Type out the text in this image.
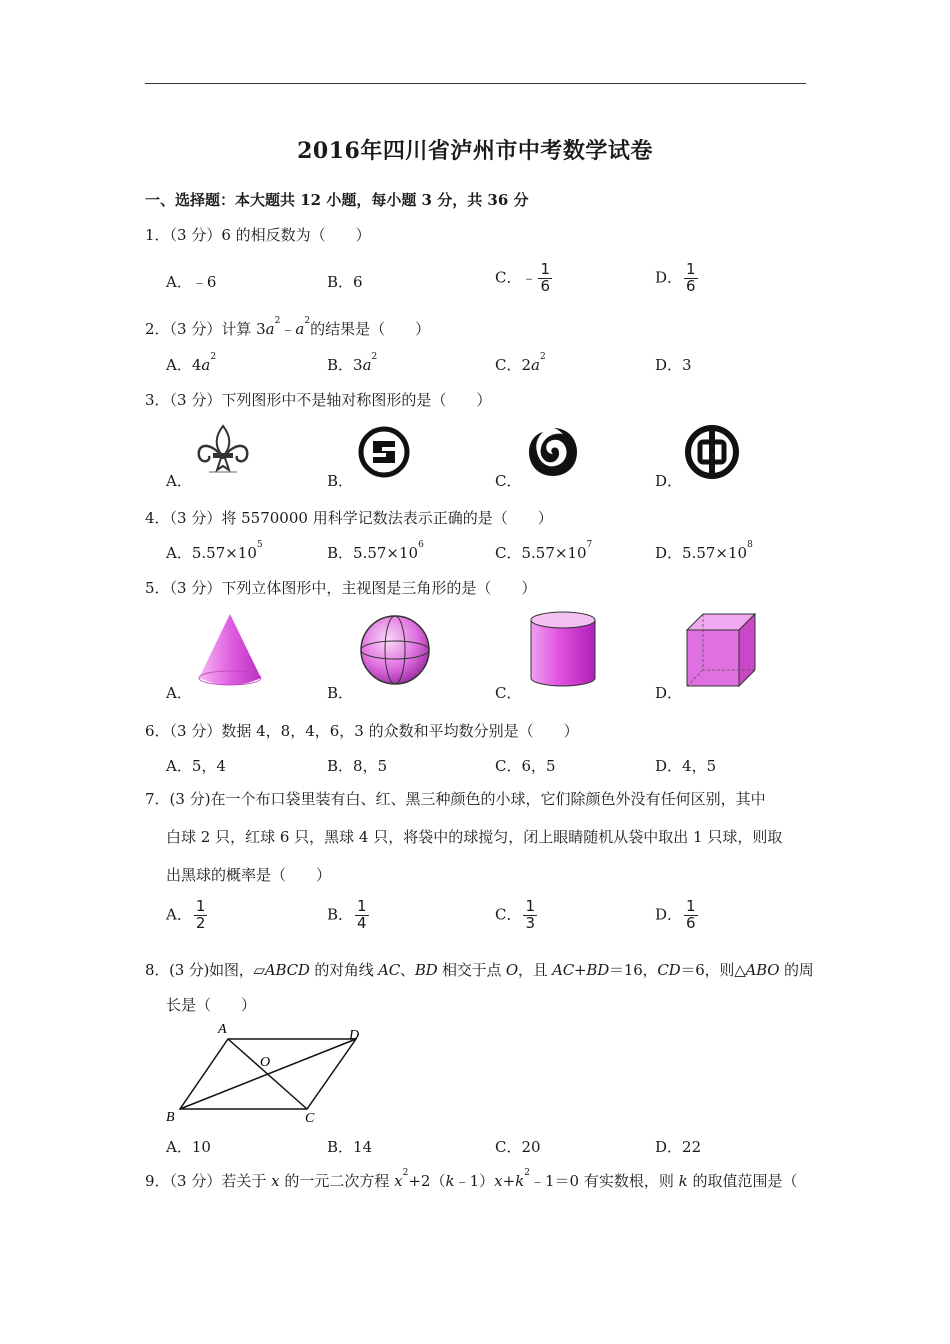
2016年四川省泸州市中考数学试卷
一、选择题：本大题共 12 小题，每小题 3 分，共 36 分
1．（3 分）6 的相反数为（　　）
A．﹣6	B．6	C．﹣ $\frac{1}{6}$	D． $\frac{1}{6}$
2．（3 分）计算 $3a^2﹣a^2$的结果是（　　）
A．$4a^2$	B．$3a^2$	C．$2a^2$	D．3
3．（3 分）下列图形中不是轴对称图形的是（　　）
A．	B．	C．	D．
Ⓢ	中
4．（3 分）将 5570000 用科学记数法表示正确的是（　　）
A．$5.57\times 10^5$	B．$5.57\times 10^6$	C．$5.57\times 10^7$	D．$5.57\times 10^8$
5．（3 分）下列立体图形中，主视图是三角形的是（　　）
A．	B．	C．	D．
6．（3 分）数据 4，8，4，6，3 的众数和平均数分别是（　　）
A．5，4	B．8，5	C．6，5	D．4，5
7．(3 分)在一个布口袋里装有白、红、黑三种颜色的小球，它们除颜色外没有任何区别，其中
白球 2 只，红球 6 只，黑球 4 只，将袋中的球搅匀，闭上眼睛随机从袋中取出 1 只球，则取
出黑球的概率是（　　）
A． $\frac{1}{2}$	B． $\frac{1}{4}$	C． $\frac{1}{3}$	D． $\frac{1}{6}$
8．(3 分)如图，▱ABCD 的对角线 AC、BD 相交于点 O，且 AC+BD＝16，CD＝6，则△ABO 的周
长是（　　）
A	D
B	C
O
A．10	B．14	C．20	D．22
9．（3 分）若关于 x 的一元二次方程 $x^2+2(k﹣1)x+k^2﹣1=0$ 有实数根，则 k 的取值范围是（
